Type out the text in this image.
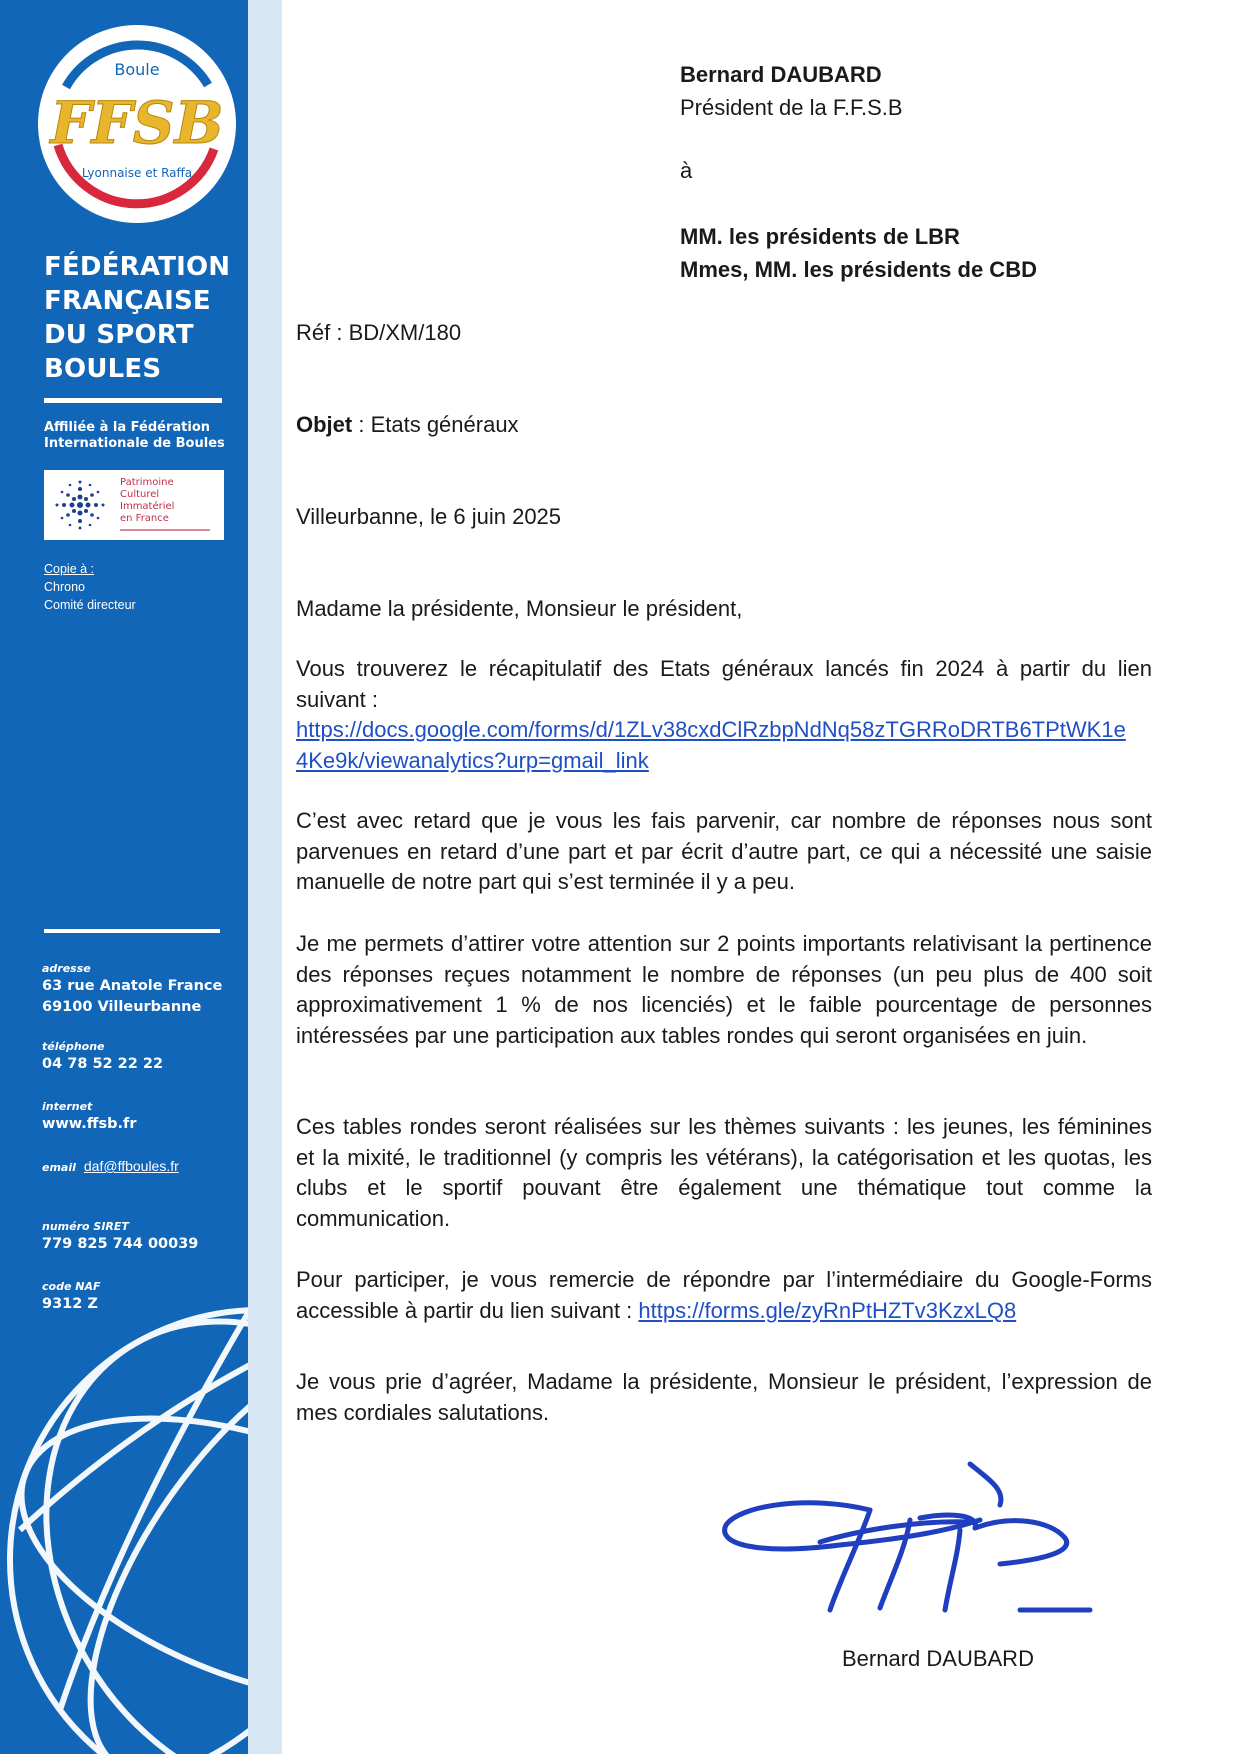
Boule
FFSB
Lyonnaise et Raffa
FÉDÉRATION
FRANÇAISE
DU SPORT
BOULES
Affiliée à la Fédération
Internationale de Boules
Patrimoine
Culturel
Immatériel
en France
Copie à :
Chrono
Comité directeur
adresse
63 rue Anatole France
69100 Villeurbanne
téléphone
04 78 52 22 22
internet
www.ffsb.fr
email daf@ffboules.fr
numéro SIRET
779 825 744 00039
code NAF
9312 Z
Bernard DAUBARD
Président de la F.F.S.B
à
MM. les présidents de LBR
Mmes, MM. les présidents de CBD
Réf : BD/XM/180
Objet : Etats généraux
Villeurbanne, le 6 juin 2025
Madame la présidente, Monsieur le président,
Vous trouverez le récapitulatif des Etats généraux lancés fin 2024 à partir du lien suivant :

https://docs.google.com/forms/d/1ZLv38cxdClRzbpNdNq58zTGRRoDRTB6TPtWK1e
4Ke9k/viewanalytics?urp=gmail_link
C’est avec retard que je vous les fais parvenir, car nombre de réponses nous sont parvenues en retard d’une part et par écrit d’autre part, ce qui a nécessité une saisie manuelle de notre part qui s’est terminée il y a peu.
Je me permets d’attirer votre attention sur 2 points importants relativisant la pertinence des réponses reçues notamment le nombre de réponses (un peu plus de 400 soit approximativement 1 % de nos licenciés) et le faible pourcentage de personnes intéressées par une participation aux tables rondes qui seront organisées en juin.
Ces tables rondes seront réalisées sur les thèmes suivants : les jeunes, les féminines et la mixité, le traditionnel (y compris les vétérans), la catégorisation et les quotas, les clubs et le sportif pouvant être également une thématique tout comme la communication.
Pour participer, je vous remercie de répondre par l’intermédiaire du Google-Forms accessible à partir du lien suivant : https://forms.gle/zyRnPtHZTv3KzxLQ8
Je vous prie d’agréer, Madame la présidente, Monsieur le président, l’expression de mes cordiales salutations.
Bernard DAUBARD
